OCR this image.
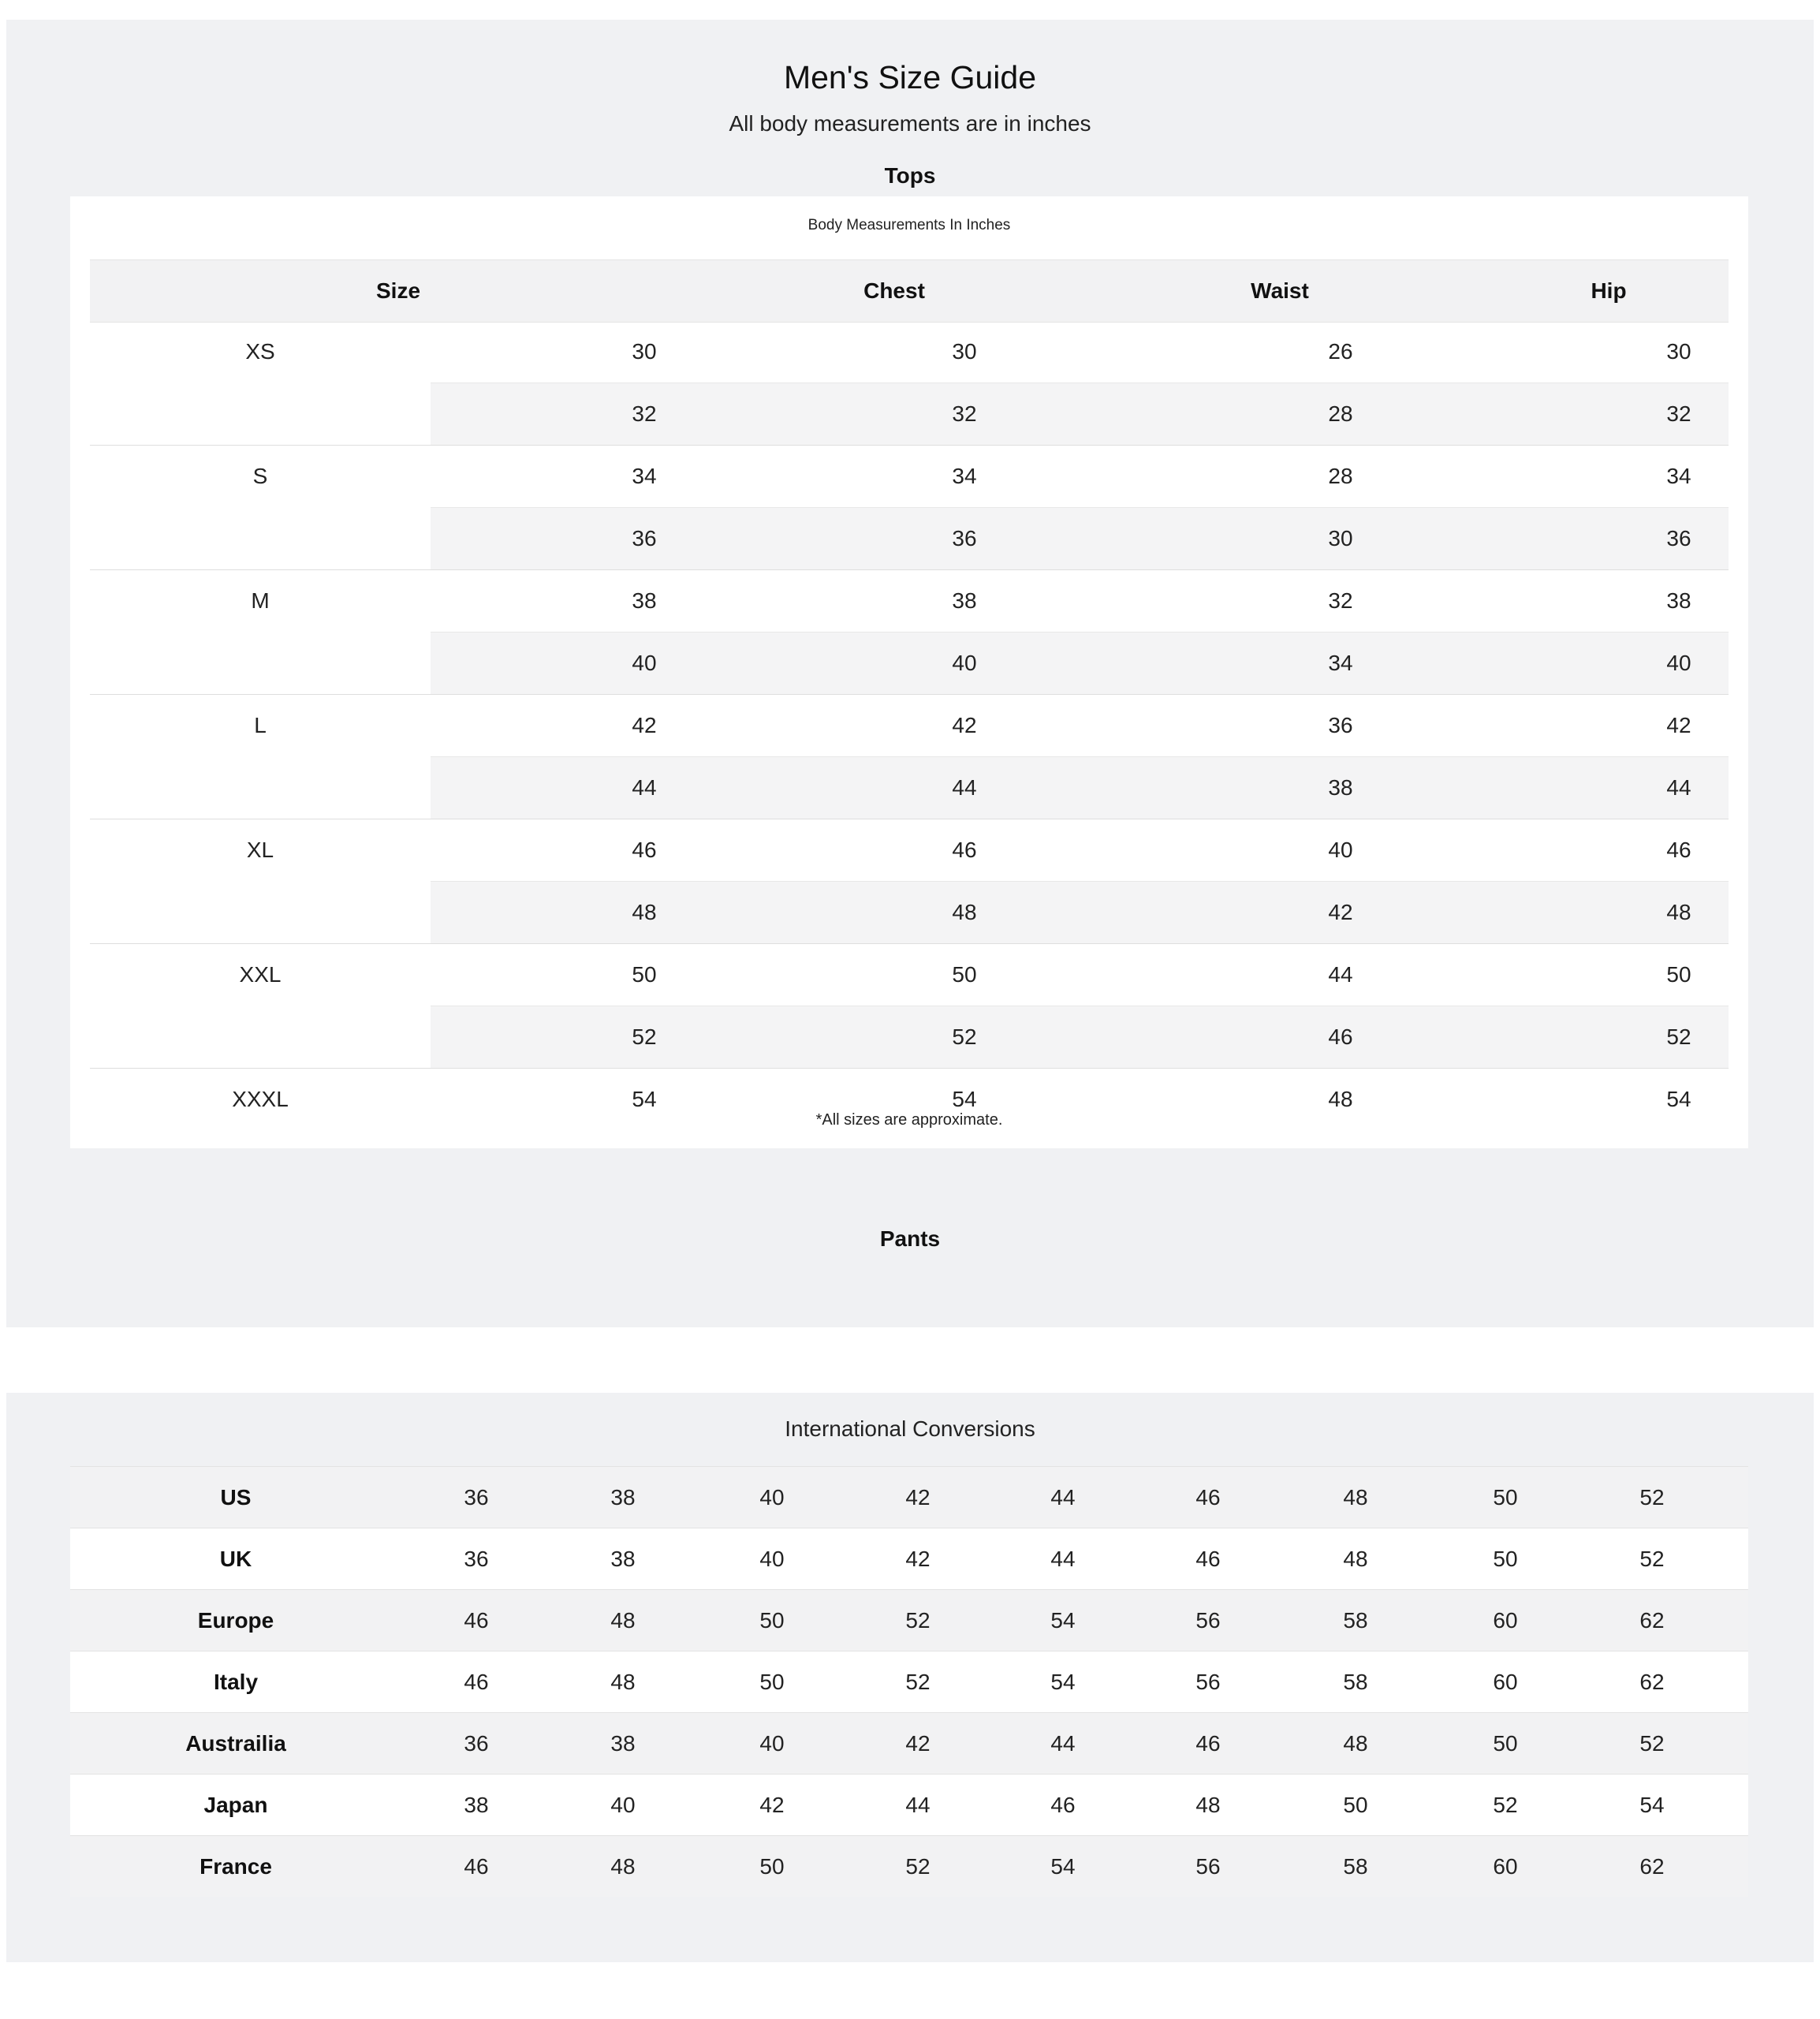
Men's Size Guide
All body measurements are in inches
Tops
Body Measurements In Inches
Size	Chest	Waist	Hip
XS	30	30	26	30
32	32	28	32
S	34	34	28	34
36	36	30	36
M	38	38	32	38
40	40	34	40
L	42	42	36	42
44	44	38	44
XL	46	46	40	46
48	48	42	48
XXL	50	50	44	50
52	52	46	52
XXXL	54	54	48	54
*All sizes are approximate.
Pants
International Conversions
US	36	38	40	42	44	46	48	50	52
UK	36	38	40	42	44	46	48	50	52
Europe	46	48	50	52	54	56	58	60	62
Italy	46	48	50	52	54	56	58	60	62
Austrailia	36	38	40	42	44	46	48	50	52
Japan	38	40	42	44	46	48	50	52	54
France	46	48	50	52	54	56	58	60	62
